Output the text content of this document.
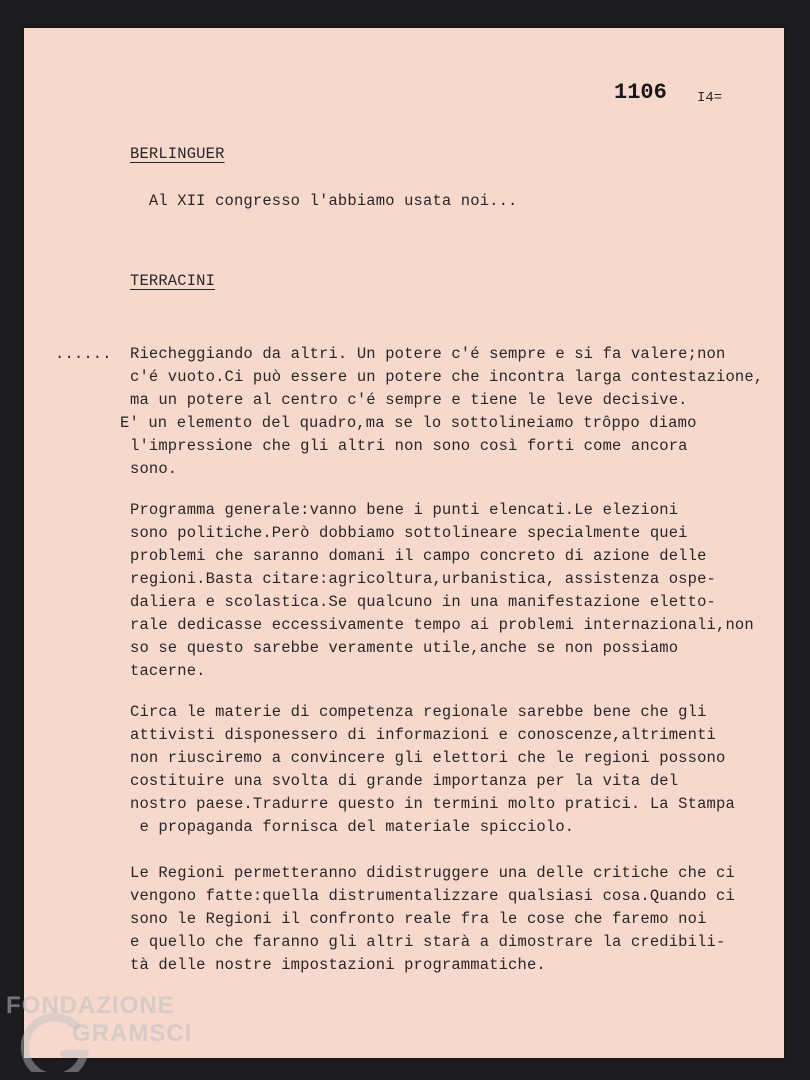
1106 I4=
BERLINGUER
Al XII congresso l'abbiamo usata noi...
TERRACINI
...... Riecheggiando da altri. Un potere c'é sempre e si fa valere;non
c'é vuoto.Ci può essere un potere che incontra larga contestazione,
ma un potere al centro c'é sempre e tiene le leve decisive.
E' un elemento del quadro,ma se lo sottolineiamo trôppo diamo
l'impressione che gli altri non sono così forti come ancora
sono.
Programma generale:vanno bene i punti elencati.Le elezioni
sono politiche.Però dobbiamo sottolineare specialmente quei
problemi che saranno domani il campo concreto di azione delle
regioni.Basta citare:agricoltura,urbanistica, assistenza ospe-
daliera e scolastica.Se qualcuno in una manifestazione eletto-
rale dedicasse eccessivamente tempo ai problemi internazionali,non
so se questo sarebbe veramente utile,anche se non possiamo
tacerne.
Circa le materie di competenza regionale sarebbe bene che gli
attivisti disponessero di informazioni e conoscenze,altrimenti
non riusciremo a convincere gli elettori che le regioni possono
costituire una svolta di grande importanza per la vita del
nostro paese.Tradurre questo in termini molto pratici. La Stampa
e propaganda fornisca del materiale spicciolo.
Le Regioni permetteranno didistruggere una delle critiche che ci
vengono fatte:quella distrumentalizzare qualsiasi cosa.Quando ci
sono le Regioni il confronto reale fra le cose che faremo noi
e quello che faranno gli altri starà a dimostrare la credibili-
tà delle nostre impostazioni programmatiche.
FONDAZIONE
GRAMSCI
